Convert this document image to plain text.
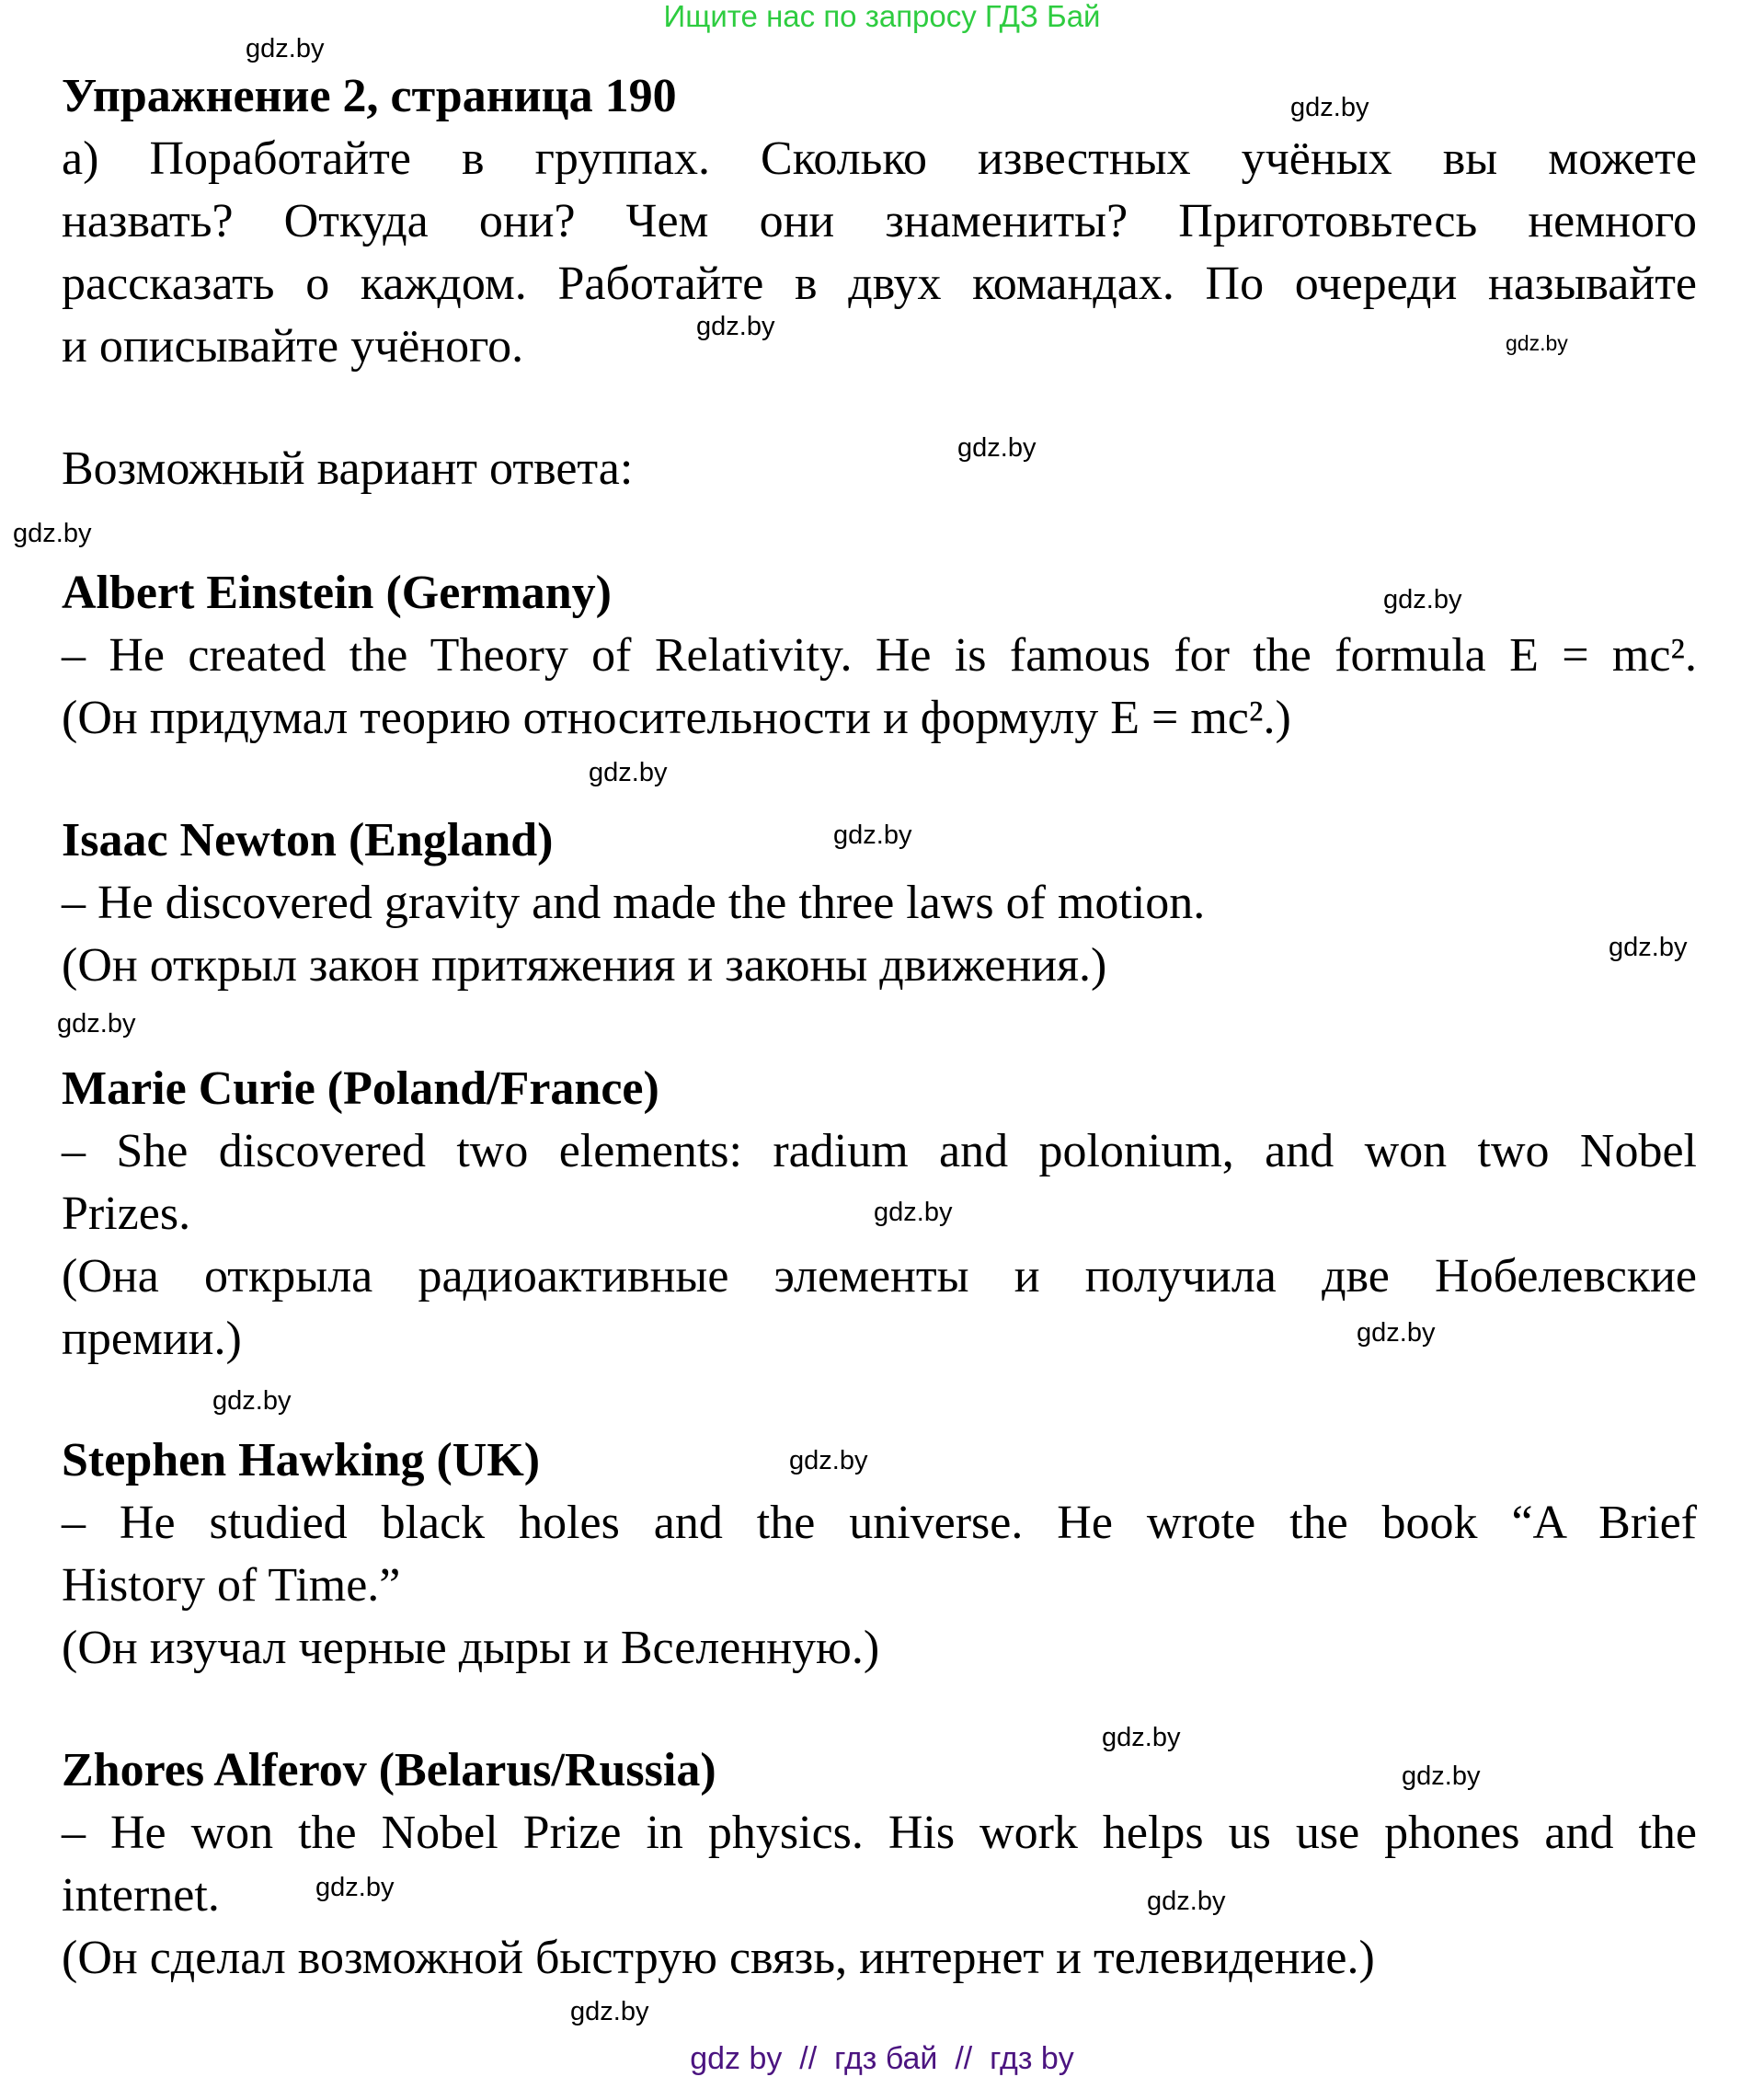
Ищите нас по запросу ГДЗ Бай
Упражнение 2, страница 190
а) Поработайте в группах. Сколько известных учёных вы можете
назвать? Откуда они? Чем они знамениты? Приготовьтесь немного
рассказать о каждом. Работайте в двух командах. По очереди называйте
и описывайте учёного.
Возможный вариант ответа:
Albert Einstein (Germany)
– He created the Theory of Relativity. He is famous for the formula E = mc².
(Он придумал теорию относительности и формулу E = mc².)
Isaac Newton (England)
– He discovered gravity and made the three laws of motion.
(Он открыл закон притяжения и законы движения.)
Marie Curie (Poland/France)
– She discovered two elements: radium and polonium, and won two Nobel
Prizes.
(Она открыла радиоактивные элементы и получила две Нобелевские
премии.)
Stephen Hawking (UK)
– He studied black holes and the universe. He wrote the book “A Brief
History of Time.”
(Он изучал черные дыры и Вселенную.)
Zhores Alferov (Belarus/Russia)
– He won the Nobel Prize in physics. His work helps us use phones and the
internet.
(Он сделал возможной быструю связь, интернет и телевидение.)
gdz.by
gdz.by
gdz.by
gdz.by
gdz.by
gdz.by
gdz.by
gdz.by
gdz.by
gdz.by
gdz.by
gdz.by
gdz.by
gdz.by
gdz.by
gdz.by
gdz.by
gdz.by	gdz.by
gdz.by
gdz by  //  гдз бай  //  гдз by
